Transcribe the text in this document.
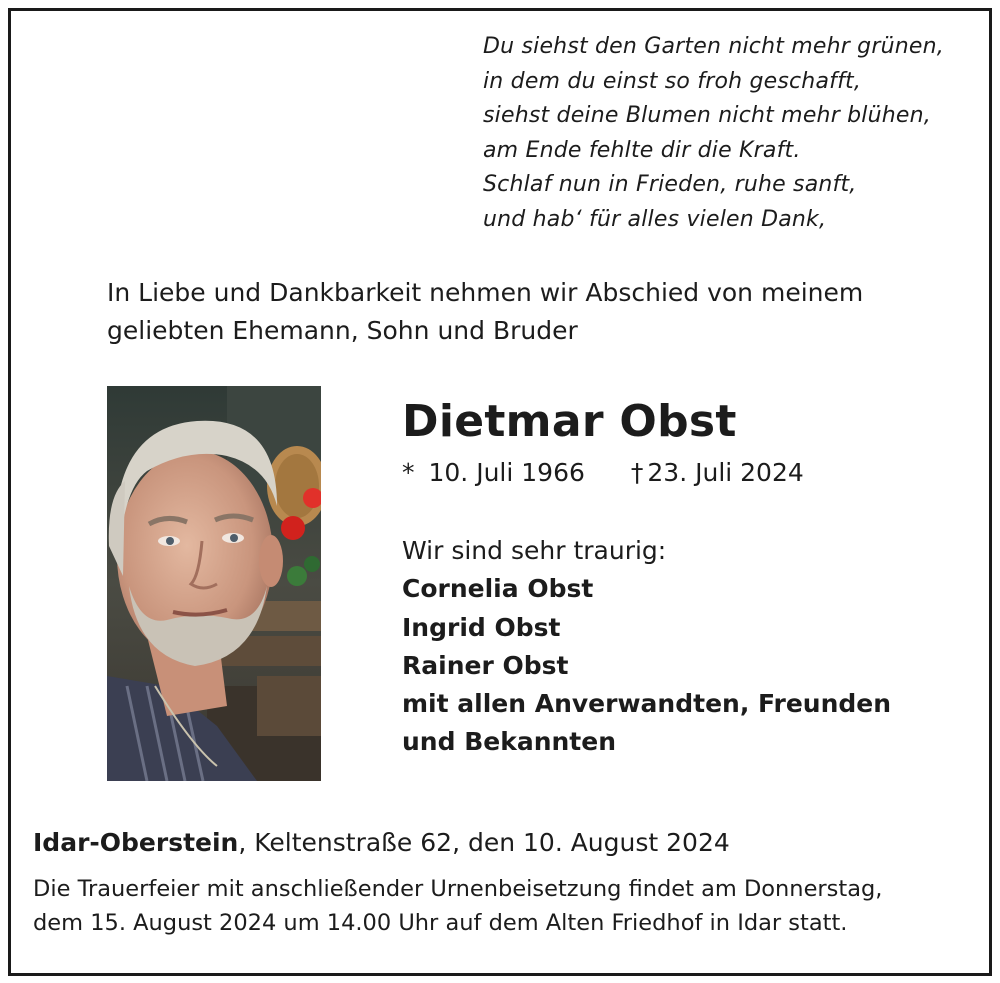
Du siehst den Garten nicht mehr grünen,
in dem du einst so froh geschafft,
siehst deine Blumen nicht mehr blühen,
am Ende fehlte dir die Kraft.
Schlaf nun in Frieden, ruhe sanft,
und hab‘ für alles vielen Dank,
In Liebe und Dankbarkeit nehmen wir Abschied von meinem
geliebten Ehemann, Sohn und Bruder
Dietmar Obst
* 10. Juli 1966 † 23. Juli 2024
Wir sind sehr traurig:
Cornelia Obst
Ingrid Obst
Rainer Obst
mit allen Anverwandten, Freunden
und Bekannten
Idar-Oberstein, Keltenstraße 62, den 10. August 2024
Die Trauerfeier mit anschließender Urnenbeisetzung findet am Donnerstag,
dem 15. August 2024 um 14.00 Uhr auf dem Alten Friedhof in Idar statt.
